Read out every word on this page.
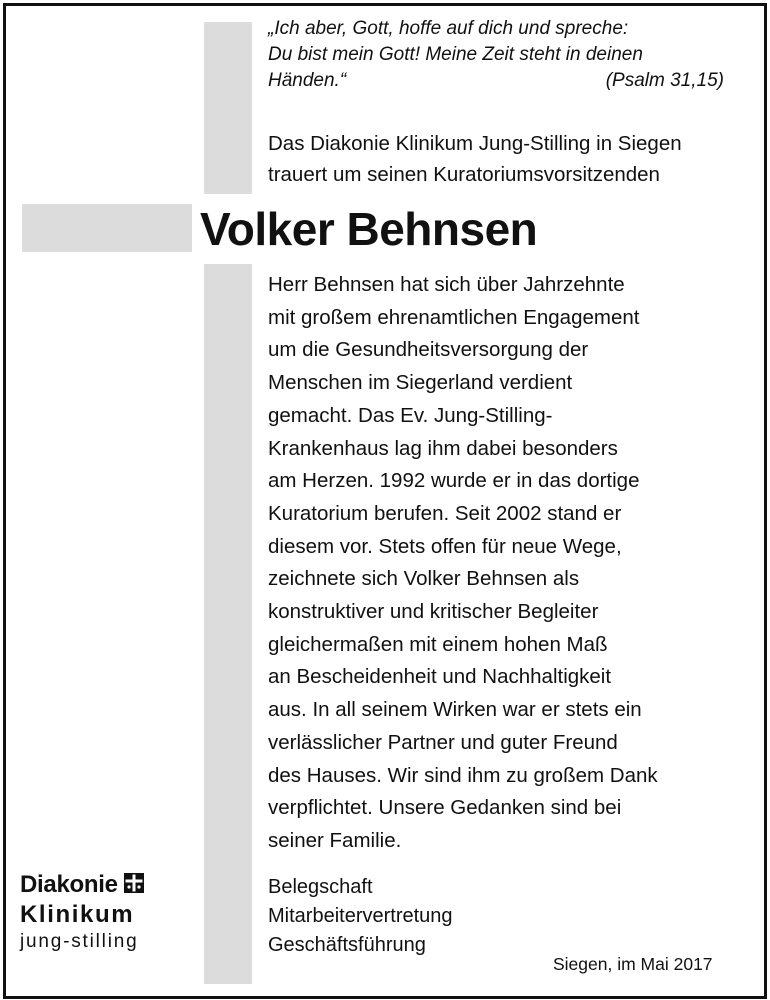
„Ich aber, Gott, hoffe auf dich und spreche:
Du bist mein Gott! Meine Zeit steht in deinen
Händen.“	(Psalm 31,15)
Das Diakonie Klinikum Jung-Stilling in Siegen
trauert um seinen Kuratoriumsvorsitzenden
Volker Behnsen
Herr Behnsen hat sich über Jahrzehnte
mit großem ehrenamtlichen Engagement
um die Gesundheitsversorgung der
Menschen im Siegerland verdient
gemacht. Das Ev. Jung-Stilling-
Krankenhaus lag ihm dabei besonders
am Herzen. 1992 wurde er in das dortige
Kuratorium berufen. Seit 2002 stand er
diesem vor. Stets offen für neue Wege,
zeichnete sich Volker Behnsen als
konstruktiver und kritischer Begleiter
gleichermaßen mit einem hohen Maß
an Bescheidenheit und Nachhaltigkeit
aus. In all seinem Wirken war er stets ein
verlässlicher Partner und guter Freund
des Hauses. Wir sind ihm zu großem Dank
verpflichtet. Unsere Gedanken sind bei
seiner Familie.
Diakonie
Klinikum
jung-stilling
Belegschaft
Mitarbeitervertretung
Geschäftsführung
Siegen, im Mai 2017
